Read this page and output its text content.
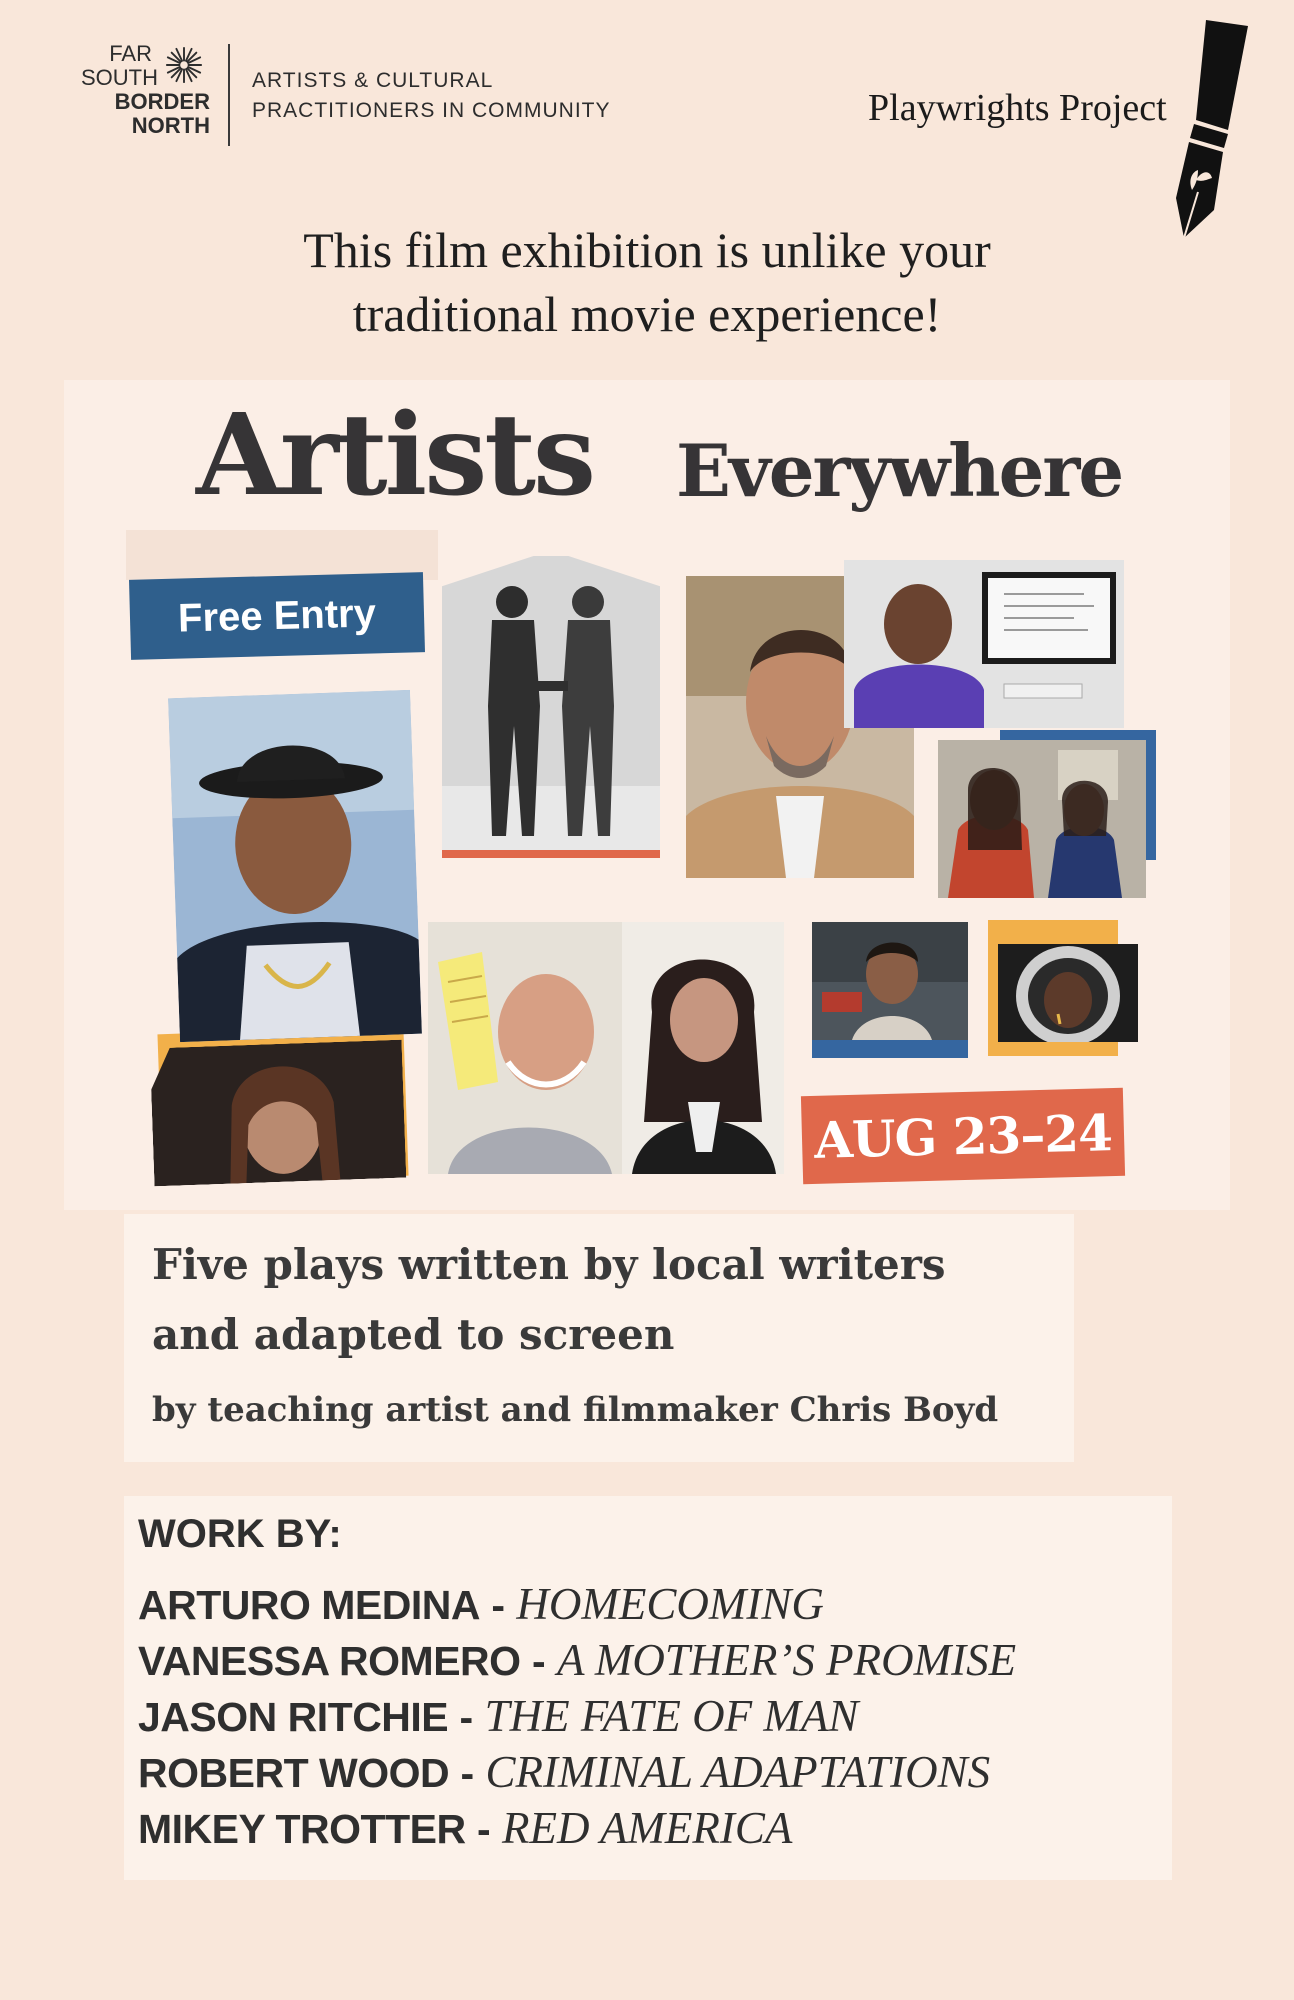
FAR
SOUTH
BORDER
NORTH
ARTISTS & CULTURAL
PRACTITIONERS IN COMMUNITY	Playwrights Project
This film exhibition is unlike your
traditional movie experience!
Artists Everywhere
Free Entry
AUG 23–24
Five plays written by local writers
and adapted to screen
by teaching artist and filmmaker Chris Boyd
WORK BY:
ARTURO MEDINA - HOMECOMING
VANESSA ROMERO - A MOTHER’S PROMISE
JASON RITCHIE - THE FATE OF MAN
ROBERT WOOD - CRIMINAL ADAPTATIONS
MIKEY TROTTER - RED AMERICA
